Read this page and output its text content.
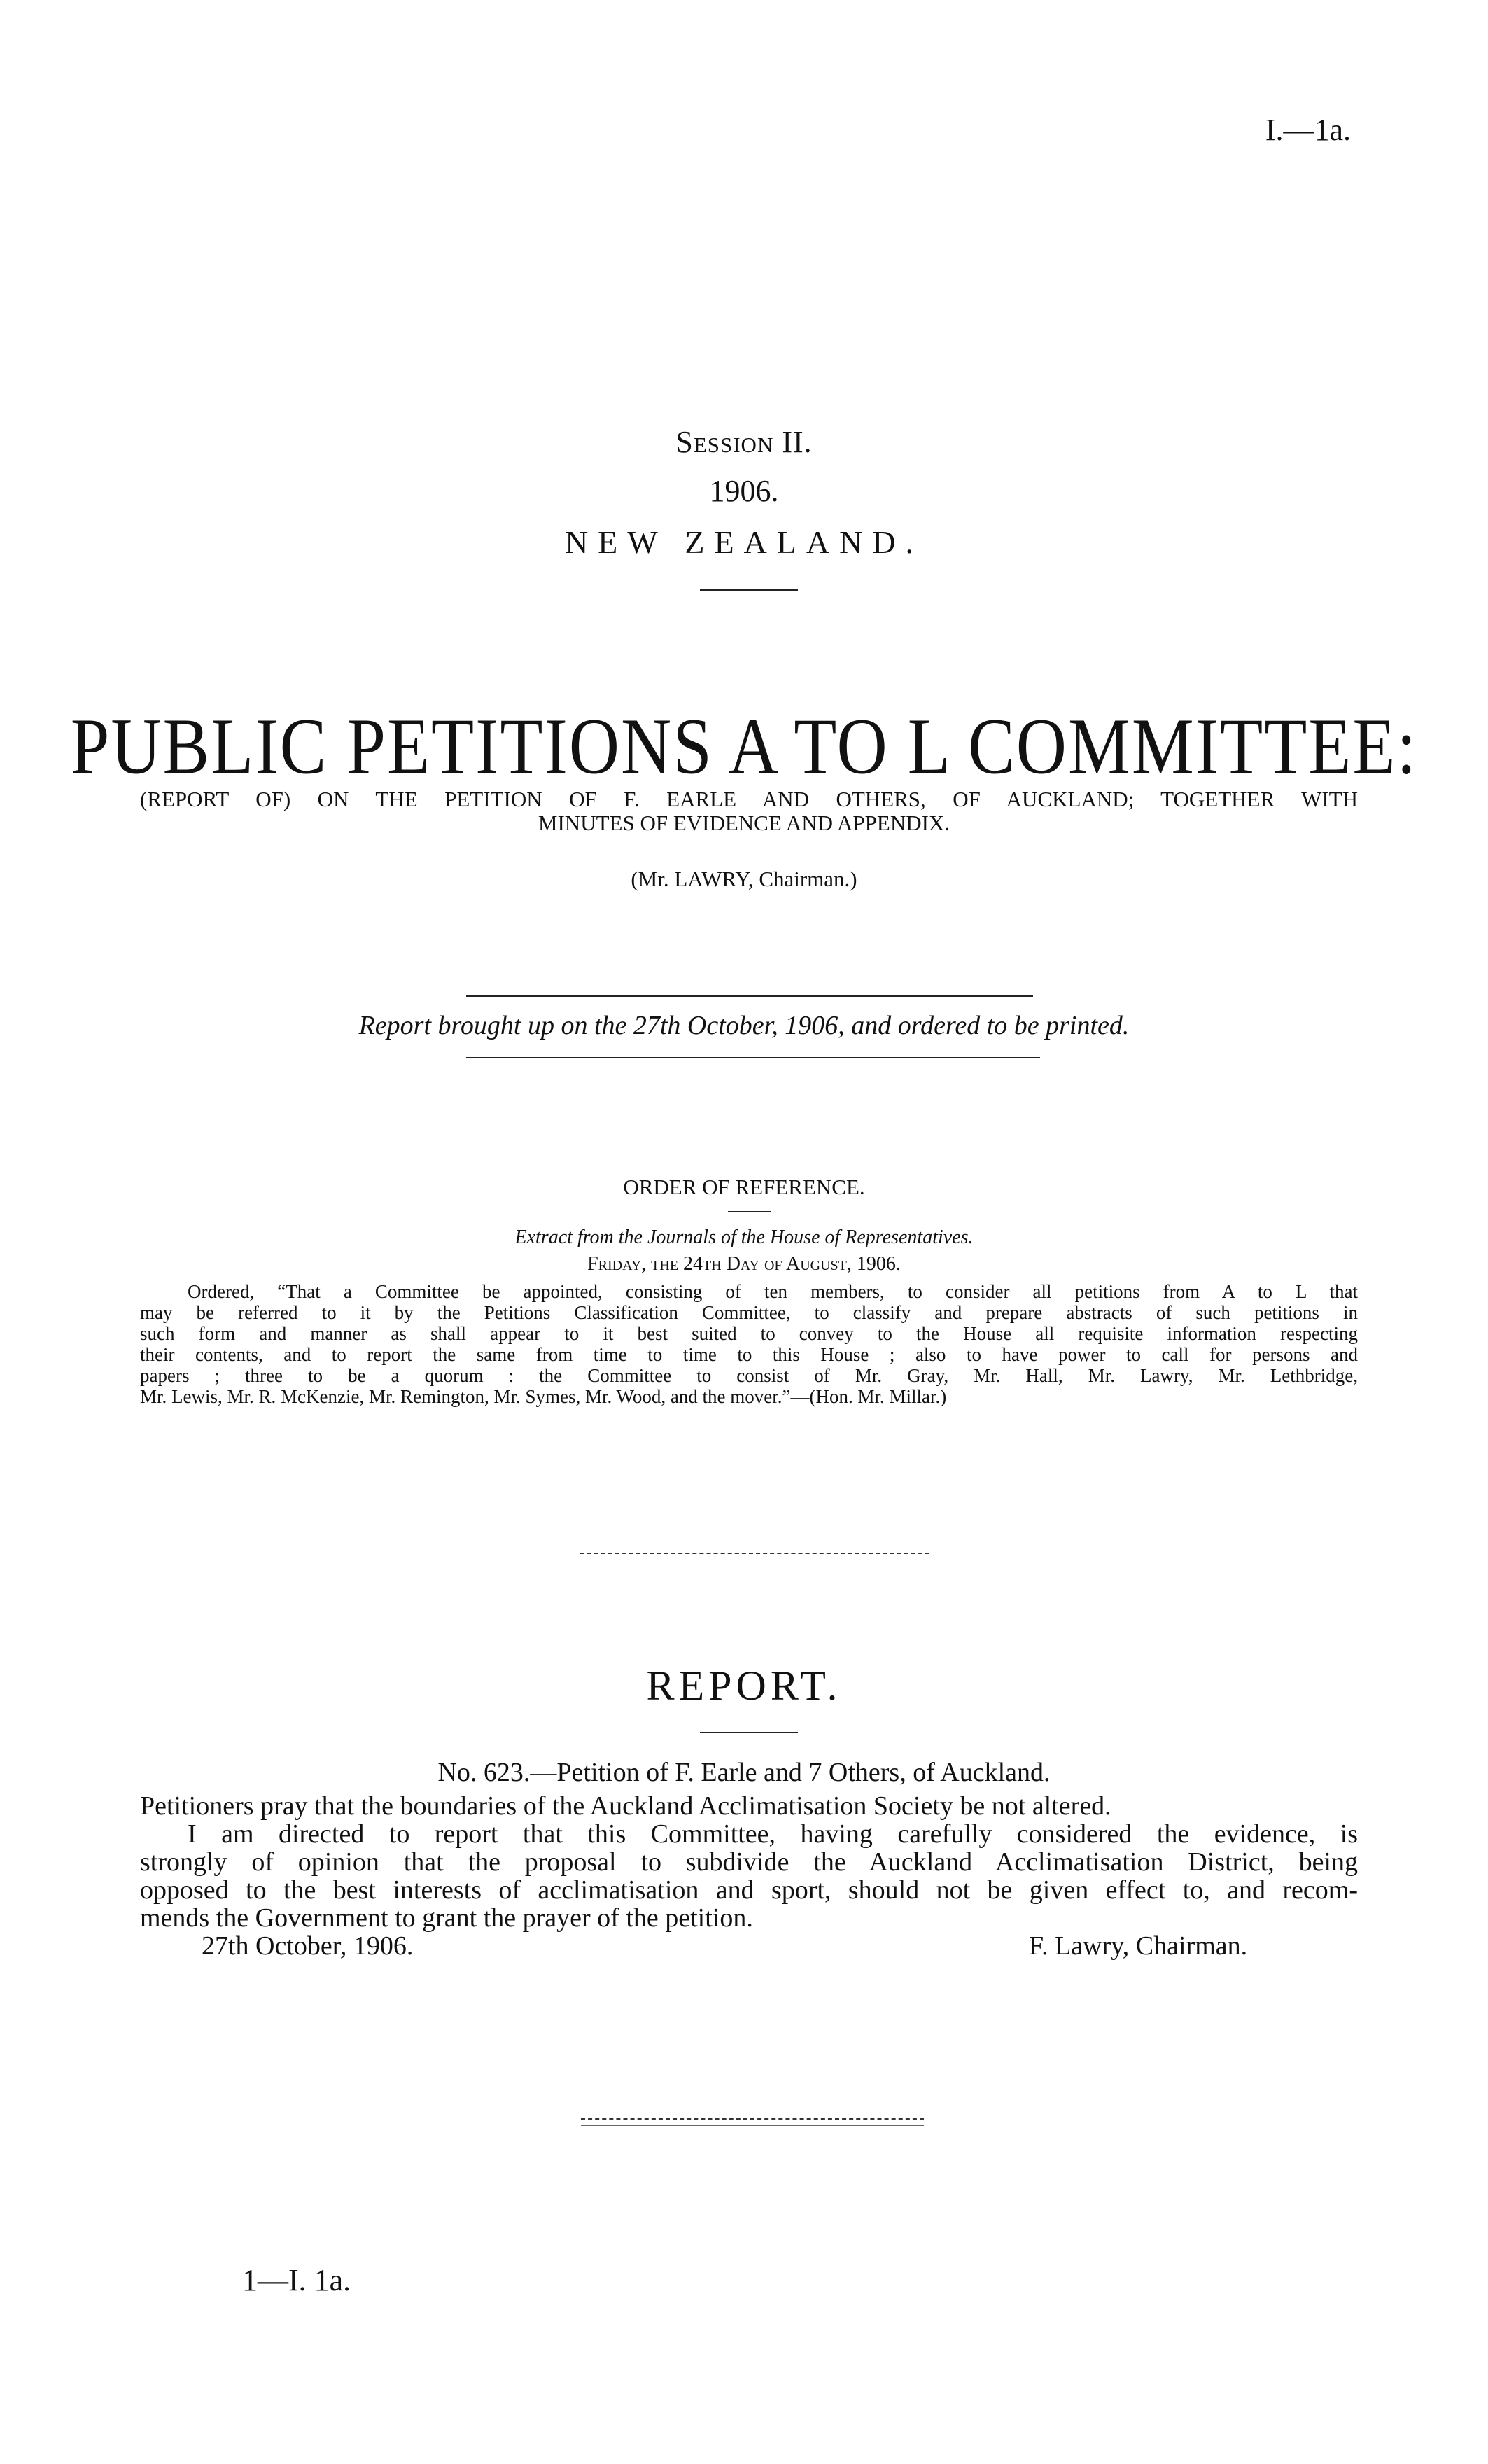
I.—1a.
Session II.
1906.
NEW ZEALAND.
PUBLIC PETITIONS A TO L COMMITTEE:
(REPORT OF) ON THE PETITION OF F. EARLE AND OTHERS, OF AUCKLAND; TOGETHER WITH
MINUTES OF EVIDENCE AND APPENDIX.
(Mr. LAWRY, Chairman.)
Report brought up on the 27th October, 1906, and ordered to be printed.
ORDER OF REFERENCE.
Extract from the Journals of the House of Representatives.
Friday, the 24th Day of August, 1906.
Ordered, “That a Committee be appointed, consisting of ten members, to consider all petitions from A to L that
may be referred to it by the Petitions Classification Committee, to classify and prepare abstracts of such petitions in
such form and manner as shall appear to it best suited to convey to the House all requisite information respecting
their contents, and to report the same from time to time to this House ; also to have power to call for persons and
papers ; three to be a quorum : the Committee to consist of Mr. Gray, Mr. Hall, Mr. Lawry, Mr. Lethbridge,
Mr. Lewis, Mr. R. McKenzie, Mr. Remington, Mr. Symes, Mr. Wood, and the mover.”—(Hon. Mr. Millar.)
REPORT.
No. 623.—Petition of F. Earle and 7 Others, of Auckland.
Petitioners pray that the boundaries of the Auckland Acclimatisation Society be not altered.
I am directed to report that this Committee, having carefully considered the evidence, is
strongly of opinion that the proposal to subdivide the Auckland Acclimatisation District, being
opposed to the best interests of acclimatisation and sport, should not be given effect to, and recom-
mends the Government to grant the prayer of the petition.
27th October, 1906.	F. Lawry, Chairman.
1—I. 1a.
